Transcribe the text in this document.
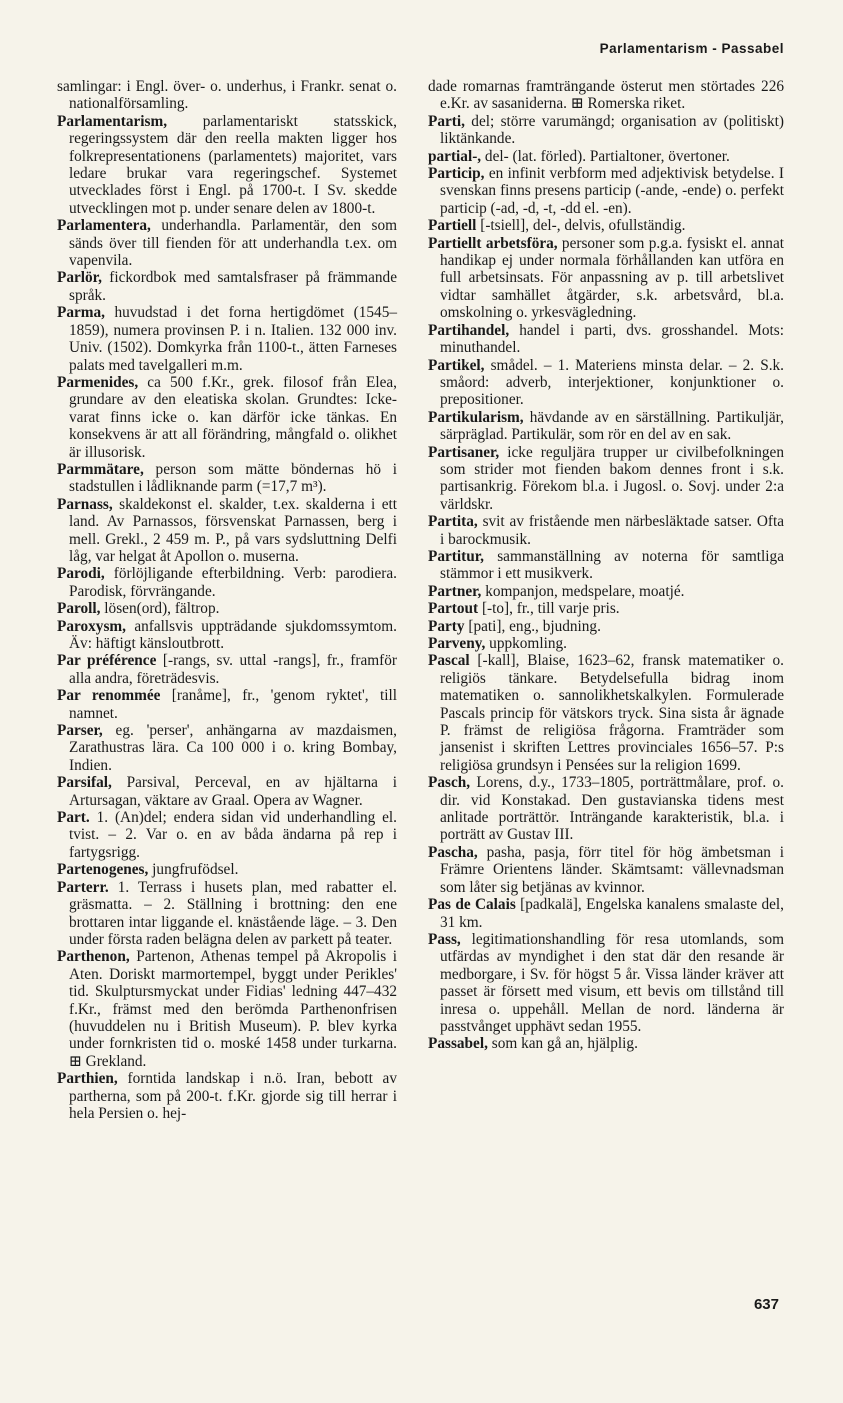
Parlamentarism - Passabel

samlingar: i Engl. över- o. underhus, i Frankr. senat o. nationalförsamling.

Parlamentarism, parlamentariskt statsskick, regeringssystem där den reella makten ligger hos folkrepresentationens (parlamentets) majoritet, vars ledare brukar vara regeringschef. Systemet utvecklades först i Engl. på 1700-t. I Sv. skedde utvecklingen mot p. under senare delen av 1800-t.

Parlamentera, underhandla. Parlamentär, den som sänds över till fienden för att underhandla t.ex. om vapenvila.

Parlör, fickordbok med samtalsfraser på främmande språk.

Parma, huvudstad i det forna hertigdömet (1545–1859), numera provinsen P. i n. Italien. 132 000 inv. Univ. (1502). Domkyrka från 1100-t., ätten Farneses palats med tavelgalleri m.m.

Parmenides, ca 500 f.Kr., grek. filosof från Elea, grundare av den eleatiska skolan. Grundtes: Icke-varat finns icke o. kan därför icke tänkas. En konsekvens är att all förändring, mångfald o. olikhet är illusorisk.

Parmmätare, person som mätte böndernas hö i stadstullen i lådliknande parm (=17,7 m³).

Parnass, skaldekonst el. skalder, t.ex. skalderna i ett land. Av Parnassos, försvenskat Parnassen, berg i mell. Grekl., 2 459 m. P., på vars sydsluttning Delfi låg, var helgat åt Apollon o. muserna.

Parodi, förlöjligande efterbildning. Verb: parodiera. Parodisk, förvrängande.

Paroll, lösen(ord), fältrop.

Paroxysm, anfallsvis uppträdande sjukdomssymtom. Äv: häftigt känsloutbrott.

Par préférence [-rangs, sv. uttal -rangs], fr., framför alla andra, företrädesvis.

Par renommée [ranåme], fr., 'genom ryktet', till namnet.

Parser, eg. 'perser', anhängarna av mazdaismen, Zarathustras lära. Ca 100 000 i o. kring Bombay, Indien.

Parsifal, Parsival, Perceval, en av hjältarna i Artursagan, väktare av Graal. Opera av Wagner.

Part. 1. (An)del; endera sidan vid underhandling el. tvist. – 2. Var o. en av båda ändarna på rep i fartygsrigg.

Partenogenes, jungfrufödsel.

Parterr. 1. Terrass i husets plan, med rabatter el. gräsmatta. – 2. Ställning i brottning: den ene brottaren intar liggande el. knästående läge. – 3. Den under första raden belägna delen av parkett på teater.

Parthenon, Partenon, Athenas tempel på Akropolis i Aten. Doriskt marmortempel, byggt under Perikles' tid. Skulptursmyckat under Fidias' ledning 447–432 f.Kr., främst med den berömda Parthenonfrisen (huvuddelen nu i British Museum). P. blev kyrka under fornkristen tid o. moské 1458 under turkarna. ⊞ Grekland.

Parthien, forntida landskap i n.ö. Iran, bebott av partherna, som på 200-t. f.Kr. gjorde sig till herrar i hela Persien o. hej-

dade romarnas framträngande österut men störtades 226 e.Kr. av sasaniderna. ⊞ Romerska riket.

Parti, del; större varumängd; organisation av (politiskt) liktänkande.

partial-, del- (lat. förled). Partialtoner, övertoner.

Particip, en infinit verbform med adjektivisk betydelse. I svenskan finns presens particip (-ande, -ende) o. perfekt particip (-ad, -d, -t, -dd el. -en).

Partiell [-tsiell], del-, delvis, ofullständig.

Partiellt arbetsföra, personer som p.g.a. fysiskt el. annat handikap ej under normala förhållanden kan utföra en full arbetsinsats. För anpassning av p. till arbetslivet vidtar samhället åtgärder, s.k. arbetsvård, bl.a. omskolning o. yrkesvägledning.

Partihandel, handel i parti, dvs. grosshandel. Mots: minuthandel.

Partikel, smådel. – 1. Materiens minsta delar. – 2. S.k. småord: adverb, interjektioner, konjunktioner o. prepositioner.

Partikularism, hävdande av en särställning. Partikuljär, särpräglad. Partikulär, som rör en del av en sak.

Partisaner, icke reguljära trupper ur civilbefolkningen som strider mot fienden bakom dennes front i s.k. partisankrig. Förekom bl.a. i Jugosl. o. Sovj. under 2:a världskr.

Partita, svit av fristående men närbesläktade satser. Ofta i barockmusik.

Partitur, sammanställning av noterna för samtliga stämmor i ett musikverk.

Partner, kompanjon, medspelare, moatjé.

Partout [-to], fr., till varje pris.

Party [pati], eng., bjudning.

Parveny, uppkomling.

Pascal [-kall], Blaise, 1623–62, fransk matematiker o. religiös tänkare. Betydelsefulla bidrag inom matematiken o. sannolikhetskalkylen. Formulerade Pascals princip för vätskors tryck. Sina sista år ägnade P. främst de religiösa frågorna. Framträder som jansenist i skriften Lettres provinciales 1656–57. P:s religiösa grundsyn i Pensées sur la religion 1699.

Pasch, Lorens, d.y., 1733–1805, porträttmålare, prof. o. dir. vid Konstakad. Den gustavianska tidens mest anlitade porträttör. Inträngande karakteristik, bl.a. i porträtt av Gustav III.

Pascha, pasha, pasja, förr titel för hög ämbetsman i Främre Orientens länder. Skämtsamt: vällevnadsman som låter sig betjänas av kvinnor.

Pas de Calais [padkalä], Engelska kanalens smalaste del, 31 km.

Pass, legitimationshandling för resa utomlands, som utfärdas av myndighet i den stat där den resande är medborgare, i Sv. för högst 5 år. Vissa länder kräver att passet är försett med visum, ett bevis om tillstånd till inresa o. uppehåll. Mellan de nord. länderna är passtvånget upphävt sedan 1955.

Passabel, som kan gå an, hjälplig.

637
